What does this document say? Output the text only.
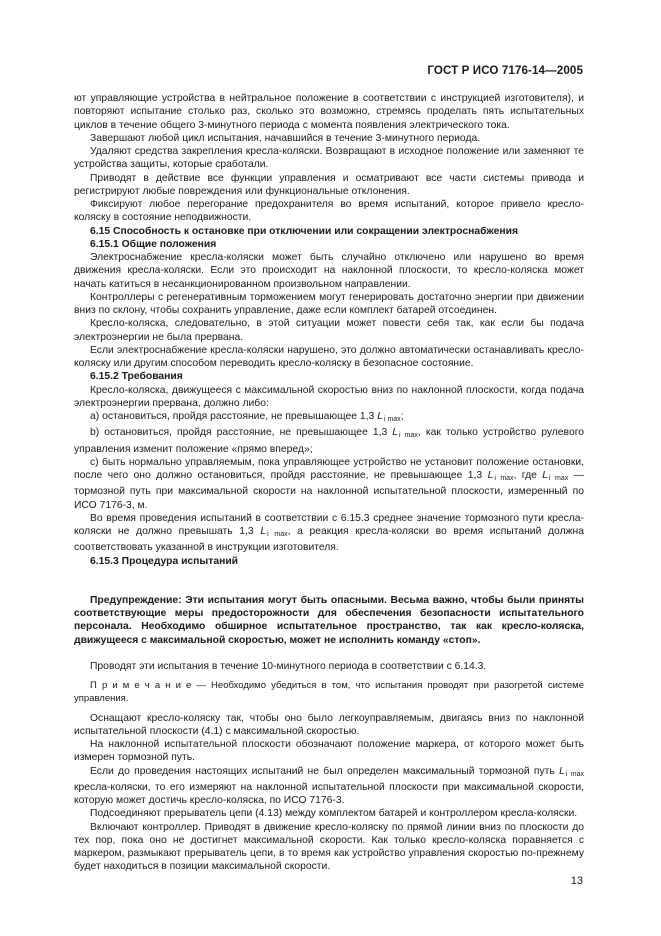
ГОСТ Р ИСО 7176-14—2005

ют управляющие устройства в нейтральное положение в соответствии с инструкцией изготовителя), и повторяют испытание столько раз, сколько это возможно, стремясь проделать пять испытательных циклов в течение общего 3-минутного периода с момента появления электрического тока.

Завершают любой цикл испытания, начавшийся в течение 3-минутного периода.

Удаляют средства закрепления кресла-коляски. Возвращают в исходное положение или заменяют те устройства защиты, которые сработали.

Приводят в действие все функции управления и осматривают все части системы привода и регистрируют любые повреждения или функциональные отклонения.

Фиксируют любое перегорание предохранителя во время испытаний, которое привело кресло-коляску в состояние неподвижности.

6.15 Способность к остановке при отключении или сокращении электроснабжения

6.15.1 Общие положения

Электроснабжение кресла-коляски может быть случайно отключено или нарушено во время движения кресла-коляски. Если это происходит на наклонной плоскости, то кресло-коляска может начать катиться в несанкционированном произвольном направлении.

Контроллеры с регенеративным торможением могут генерировать достаточно энергии при движении вниз по склону, чтобы сохранить управление, даже если комплект батарей отсоединен.

Кресло-коляска, следовательно, в этой ситуации может повести себя так, как если бы подача электроэнергии не была прервана.

Если электроснабжение кресла-коляски нарушено, это должно автоматически останавливать кресло-коляску или другим способом переводить кресло-коляску в безопасное состояние.

6.15.2 Требования

Кресло-коляска, движущееся с максимальной скоростью вниз по наклонной плоскости, когда подача электроэнергии прервана, должно либо:

a) остановиться, пройдя расстояние, не превышающее 1,3 Li max;

b) остановиться, пройдя расстояние, не превышающее 1,3 Li max, как только устройство рулевого управления изменит положение «прямо вперед»;

c) быть нормально управляемым, пока управляющее устройство не установит положение остановки, после чего оно должно остановиться, пройдя расстояние, не превышающее 1,3 Li max, где Li max — тормозной путь при максимальной скорости на наклонной испытательной плоскости, измеренный по ИСО 7176-3, м.

Во время проведения испытаний в соответствии с 6.15.3 среднее значение тормозного пути кресла-коляски не должно превышать 1,3 Li max, а реакция кресла-коляски во время испытаний должна соответствовать указанной в инструкции изготовителя.

6.15.3 Процедура испытаний

Предупреждение: Эти испытания могут быть опасными. Весьма важно, чтобы были приняты соответствующие меры предосторожности для обеспечения безопасности испытательного персонала. Необходимо обширное испытательное пространство, так как кресло-коляска, движущееся с максимальной скоростью, может не исполнить команду «стоп».

Проводят эти испытания в течение 10-минутного периода в соответствии с 6.14.3.

П р и м е ч а н и е — Необходимо убедиться в том, что испытания проводят при разогретой системе управления.

Оснащают кресло-коляску так, чтобы оно было легкоуправляемым, двигаясь вниз по наклонной испытательной плоскости (4.1) с максимальной скоростью.

На наклонной испытательной плоскости обозначают положение маркера, от которого может быть измерен тормозной путь.

Если до проведения настоящих испытаний не был определен максимальный тормозной путь Li max кресла-коляски, то его измеряют на наклонной испытательной плоскости при максимальной скорости, которую может достичь кресло-коляска, по ИСО 7176-3.

Подсоединяют прерыватель цепи (4.13) между комплектом батарей и контроллером кресла-коляски.

Включают контроллер. Приводят в движение кресло-коляску по прямой линии вниз по плоскости до тех пор, пока оно не достигнет максимальной скорости. Как только кресло-коляска поравняется с маркером, размыкают прерыватель цепи, в то время как устройство управления скоростью по-прежнему будет находиться в позиции максимальной скорости.

13
